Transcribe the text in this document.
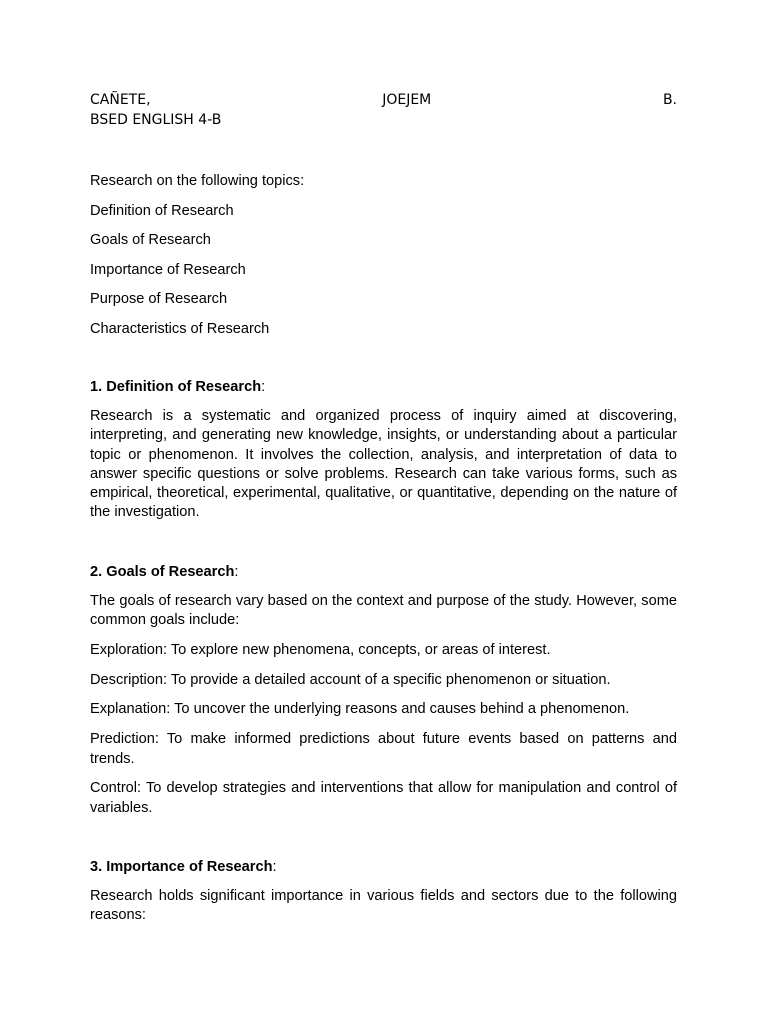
CAÑETE,	JOEJEM	B.
BSED ENGLISH 4-B

Research on the following topics:

Definition of Research

Goals of Research

Importance of Research

Purpose of Research

Characteristics of Research

1. Definition of Research:

Research is a systematic and organized process of inquiry aimed at discovering, interpreting, and generating new knowledge, insights, or understanding about a particular topic or phenomenon. It involves the collection, analysis, and interpretation of data to answer specific questions or solve problems. Research can take various forms, such as empirical, theoretical, experimental, qualitative, or quantitative, depending on the nature of the investigation.

2. Goals of Research:

The goals of research vary based on the context and purpose of the study. However, some common goals include:

Exploration: To explore new phenomena, concepts, or areas of interest.

Description: To provide a detailed account of a specific phenomenon or situation.

Explanation: To uncover the underlying reasons and causes behind a phenomenon.

Prediction: To make informed predictions about future events based on patterns and trends.

Control: To develop strategies and interventions that allow for manipulation and control of variables.

3. Importance of Research:

Research holds significant importance in various fields and sectors due to the following reasons:
